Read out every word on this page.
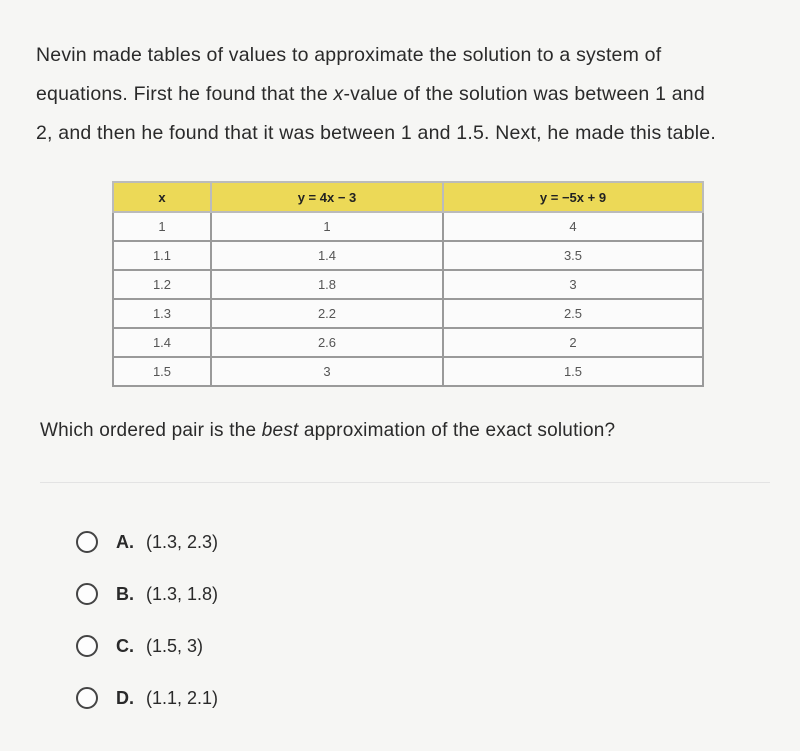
Nevin made tables of values to approximate the solution to a system of

equations. First he found that the x-value of the solution was between 1 and

2, and then he found that it was between 1 and 1.5. Next, he made this table.

x	y = 4x − 3	y = −5x + 9
1	1	4
1.1	1.4	3.5
1.2	1.8	3
1.3	2.2	2.5
1.4	2.6	2
1.5	3	1.5
Which ordered pair is the best approximation of the exact solution?
A. (1.3, 2.3)
B. (1.3, 1.8)
C. (1.5, 3)
D. (1.1, 2.1)
